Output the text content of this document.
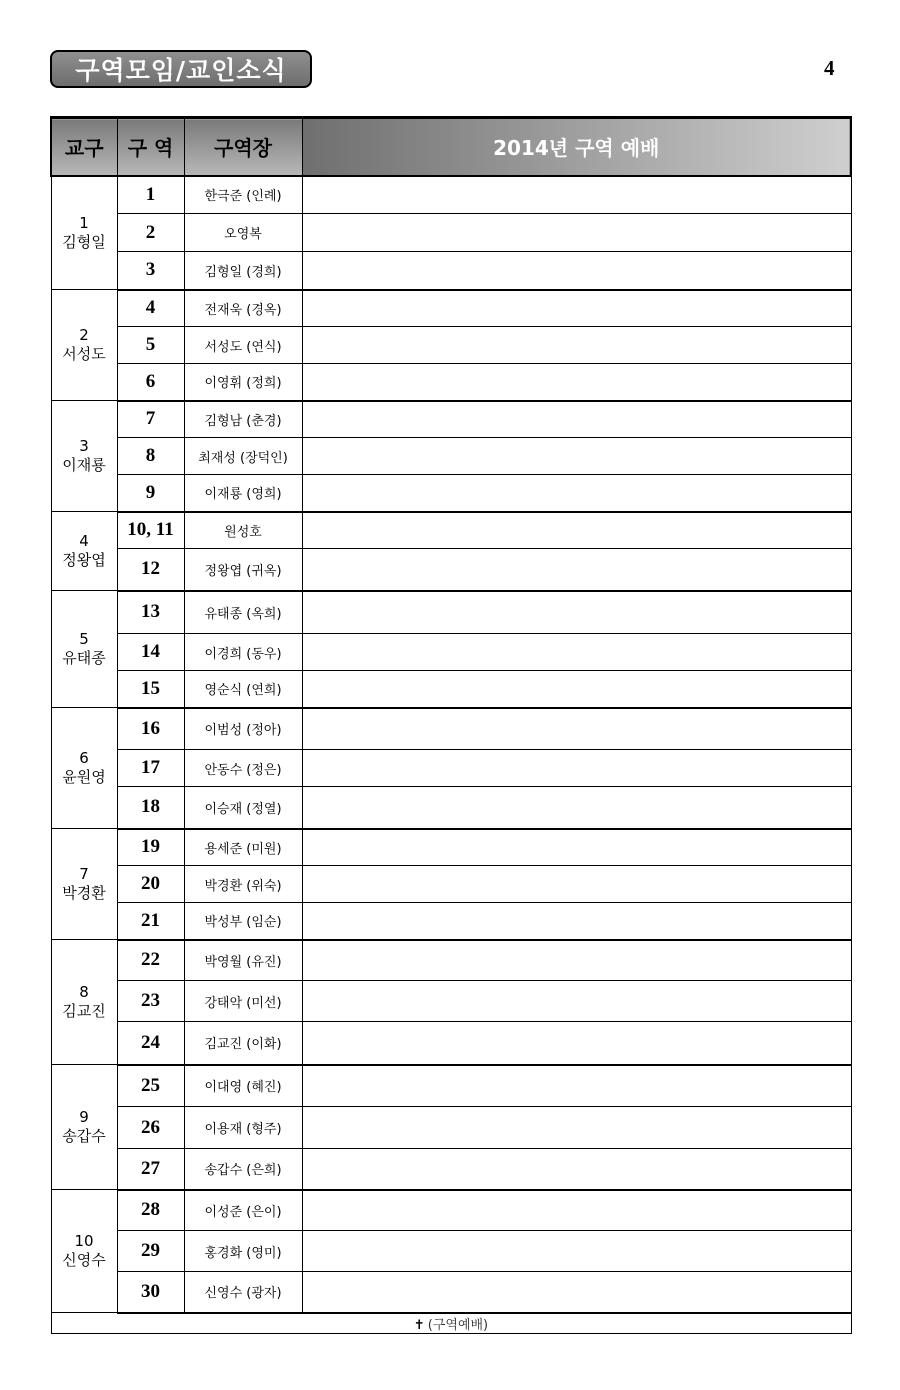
구역모임/교인소식	4
교구	구 역	구역장	2014년 구역 예배

1
김형일	1	한극준 (인례)	
	2	오영복	
	3	김형일 (경희)	

2
서성도	4	전재욱 (경옥)	
	5	서성도 (연식)	
	6	이영휘 (정희)	

3
이재룡	7	김형남 (춘경)	
	8	최재성 (장덕인)	
	9	이재룡 (영희)	

4
정왕엽	10, 11	원성호	
	12	정왕엽 (귀옥)	

5
유태종	13	유태종 (옥희)	
	14	이경희 (동우)	
	15	영순식 (연희)	

6
윤원영	16	이범성 (정아)	
	17	안동수 (정은)	
	18	이승재 (정열)	

7
박경환	19	용세준 (미원)	
	20	박경환 (위숙)	
	21	박성부 (임순)	

8
김교진	22	박영월 (유진)	
	23	강태악 (미선)	
	24	김교진 (이화)	

9
송갑수	25	이대영 (혜진)	
	26	이용재 (형주)	
	27	송갑수 (은희)	

10
신영수	28	이성준 (은이)	
	29	홍경화 (영미)	
	30	신영수 (광자)	
✝ (구역예배)			
